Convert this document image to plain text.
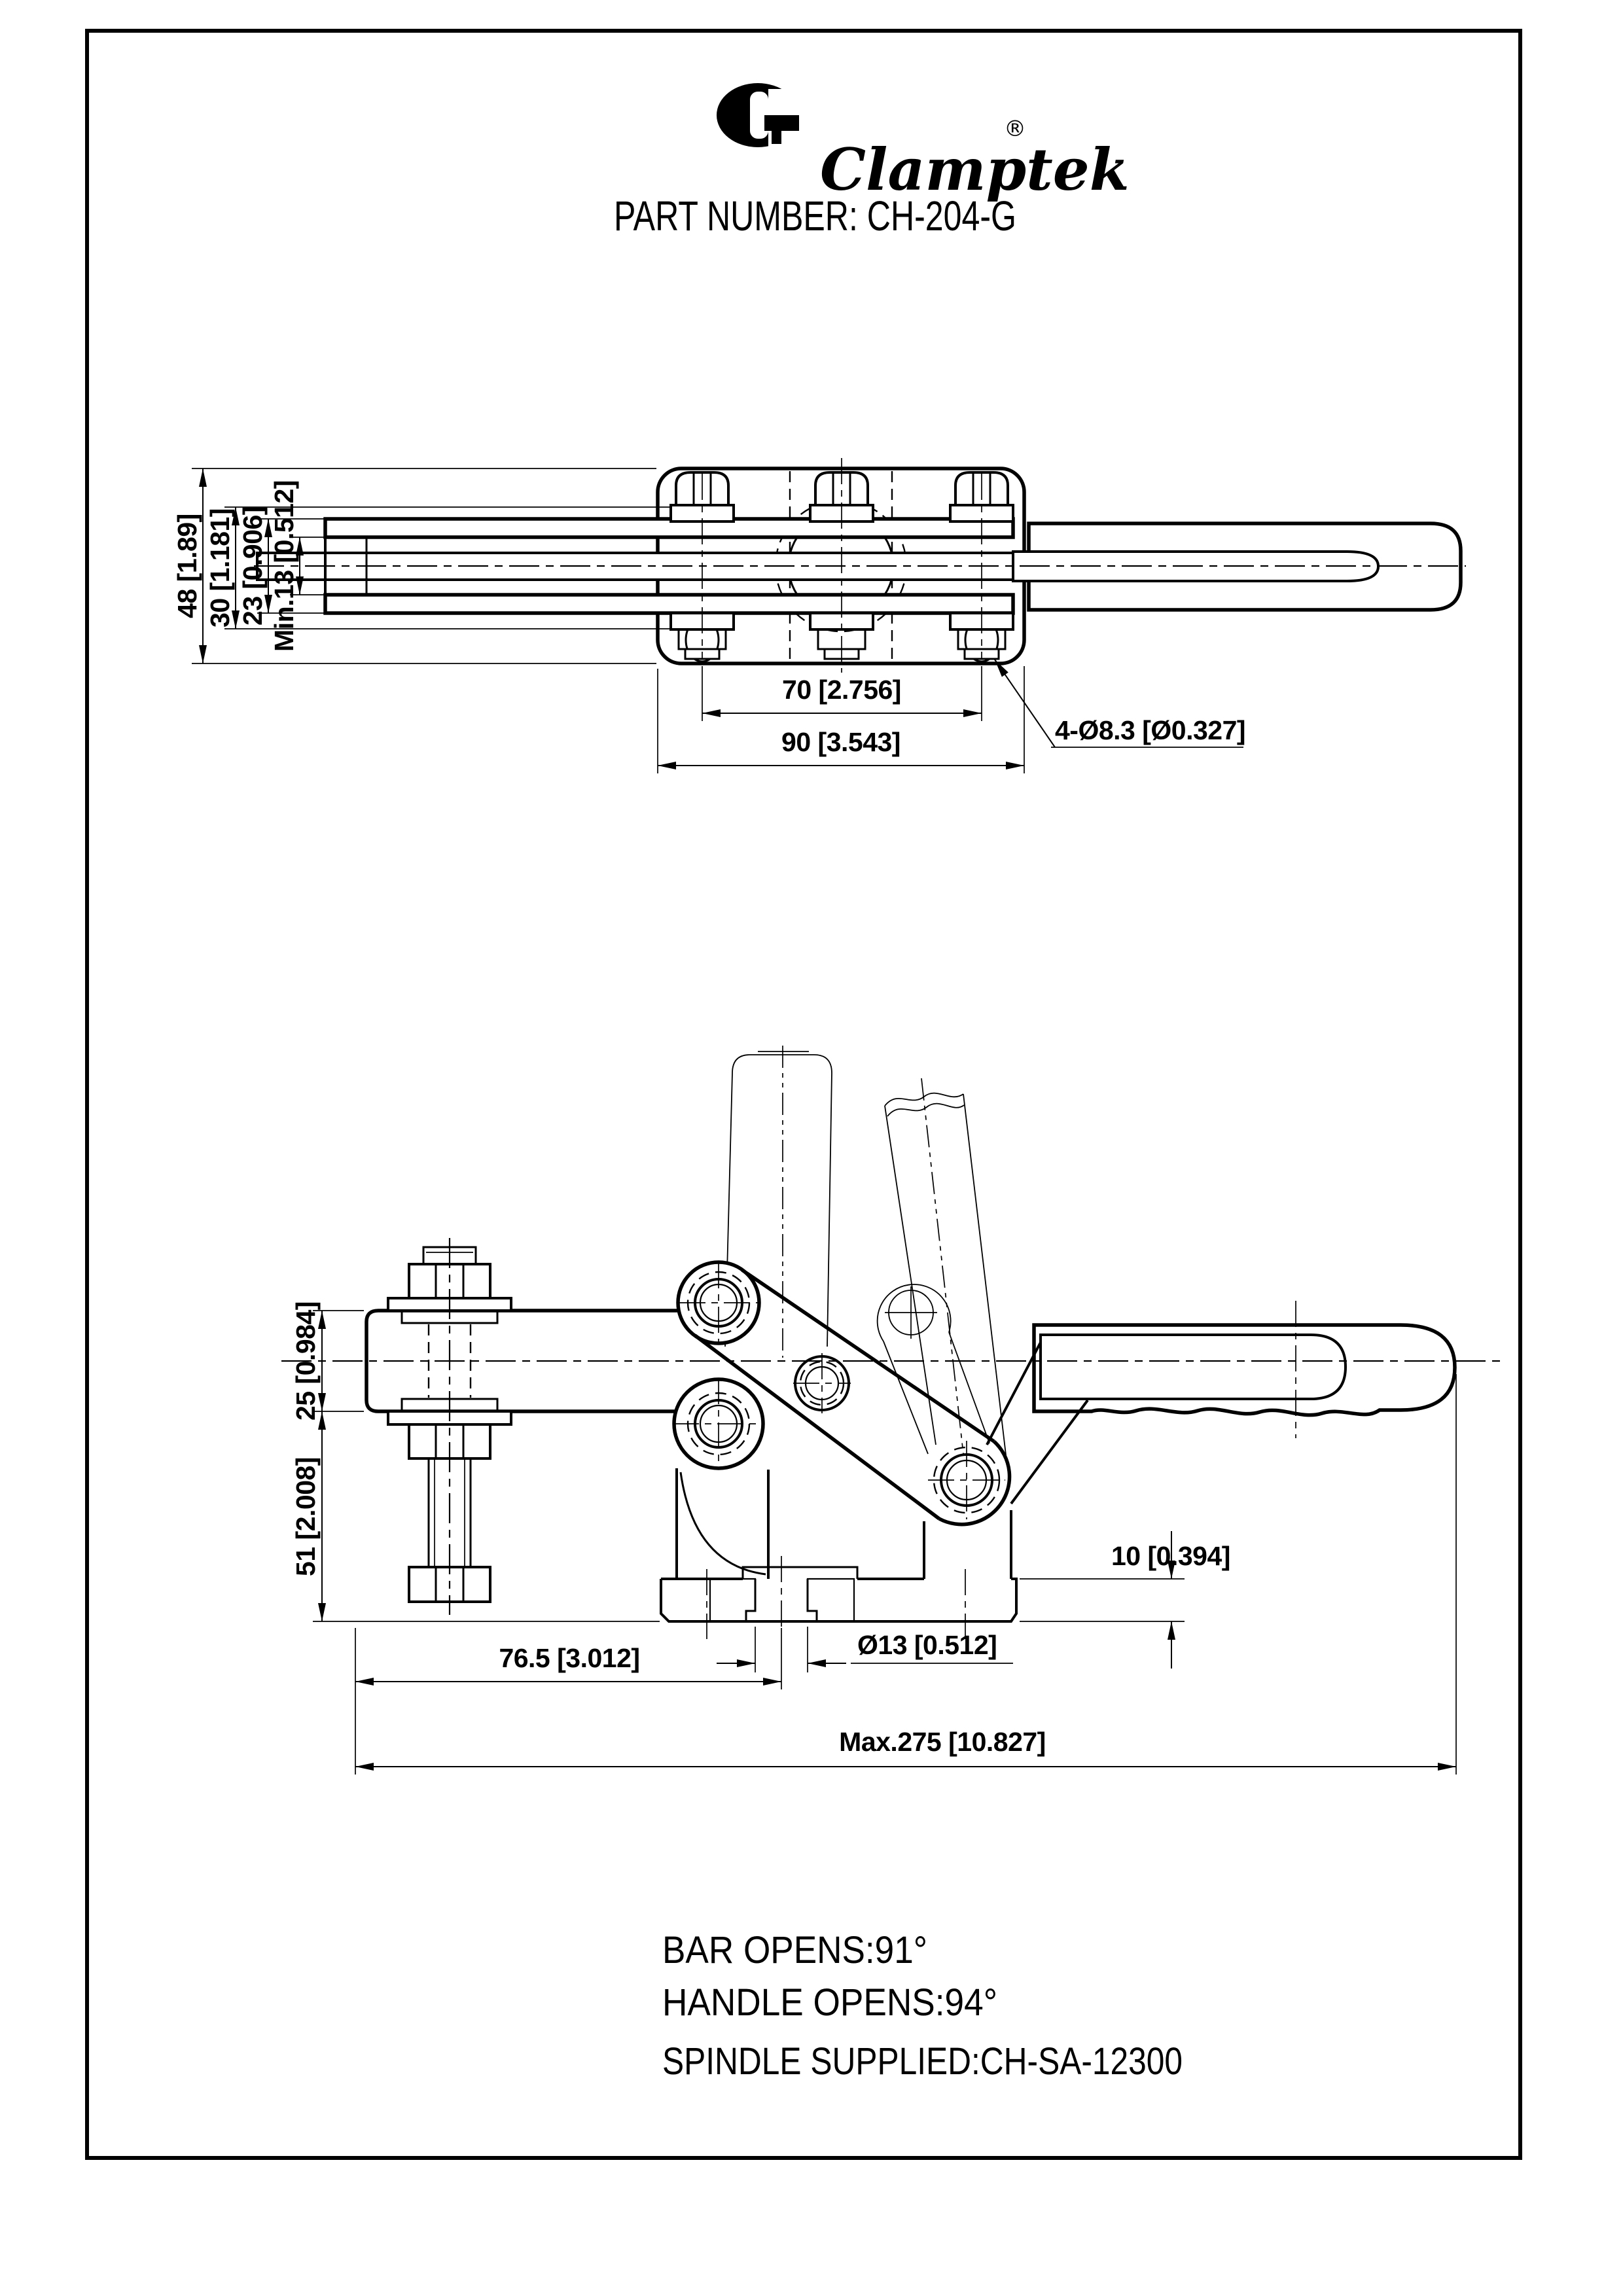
Clamptek
®
PART NUMBER: CH-204-G
48 [1.89] 30 [1.181] 23 [0.906] Min.13 [0.512]
70 [2.756]
90 [3.543]	4-Ø8.3 [Ø0.327]
25 [0.984]
51 [2.008]
76.5 [3.012]
Max.275 [10.827]
10 [0.394]
Ø13 [0.512]
BAR OPENS:91°
HANDLE OPENS:94°
SPINDLE SUPPLIED:CH-SA-12300
